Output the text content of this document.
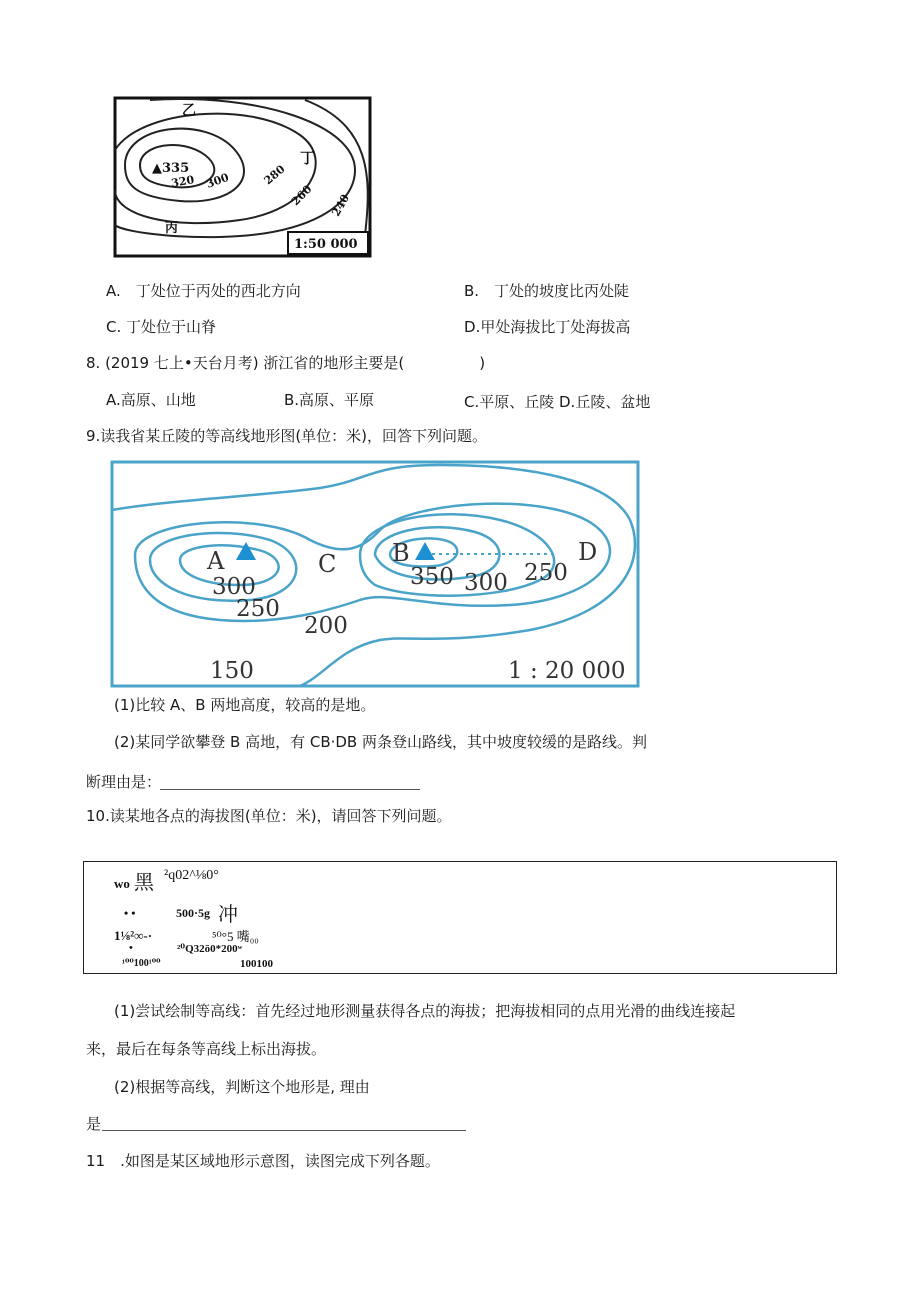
1:50 000
乙
丁
▲335
丙
320 300	280
260 240
A.　丁处位于丙处的西北方向	B.　丁处的坡度比丙处陡
C. 丁处位于山脊	D.甲处海拔比丁处海拔高
8. (2019 七上•天台月考) 浙江省的地形主要是(　　　　　)
A.高原、山地	B.高原、平原	C.平原、丘陵 D.丘陵、盆地
9.读我省某丘陵的等高线地形图(单位：米)，回答下列问题。
A	B
C	D
300
250
200
350 300 250
150	1 : 20 000
(1)比较 A、B 两地高度，较高的是地。
(2)某同学欲攀登 B 高地，有 CB·DB 两条登山路线，其中坡度较缓的是路线。判
断理由是：
10.读某地各点的海拔图(单位：米)，请回答下列问题。
wo 黑 ²q02^⅛0°
• •	500·5g 冲
1⅛²∞-·	⁵⁰°5 嘴₀₀
•	²⁰Q32ō0*200ʷ
¹⁰⁰100¹⁰⁰	100100
(1)尝试绘制等高线：首先经过地形测量获得各点的海拔；把海拔相同的点用光滑的曲线连接起
来，最后在每条等高线上标出海拔。
(2)根据等高线，判断这个地形是, 理由
是
11　.如图是某区域地形示意图，读图完成下列各题。
